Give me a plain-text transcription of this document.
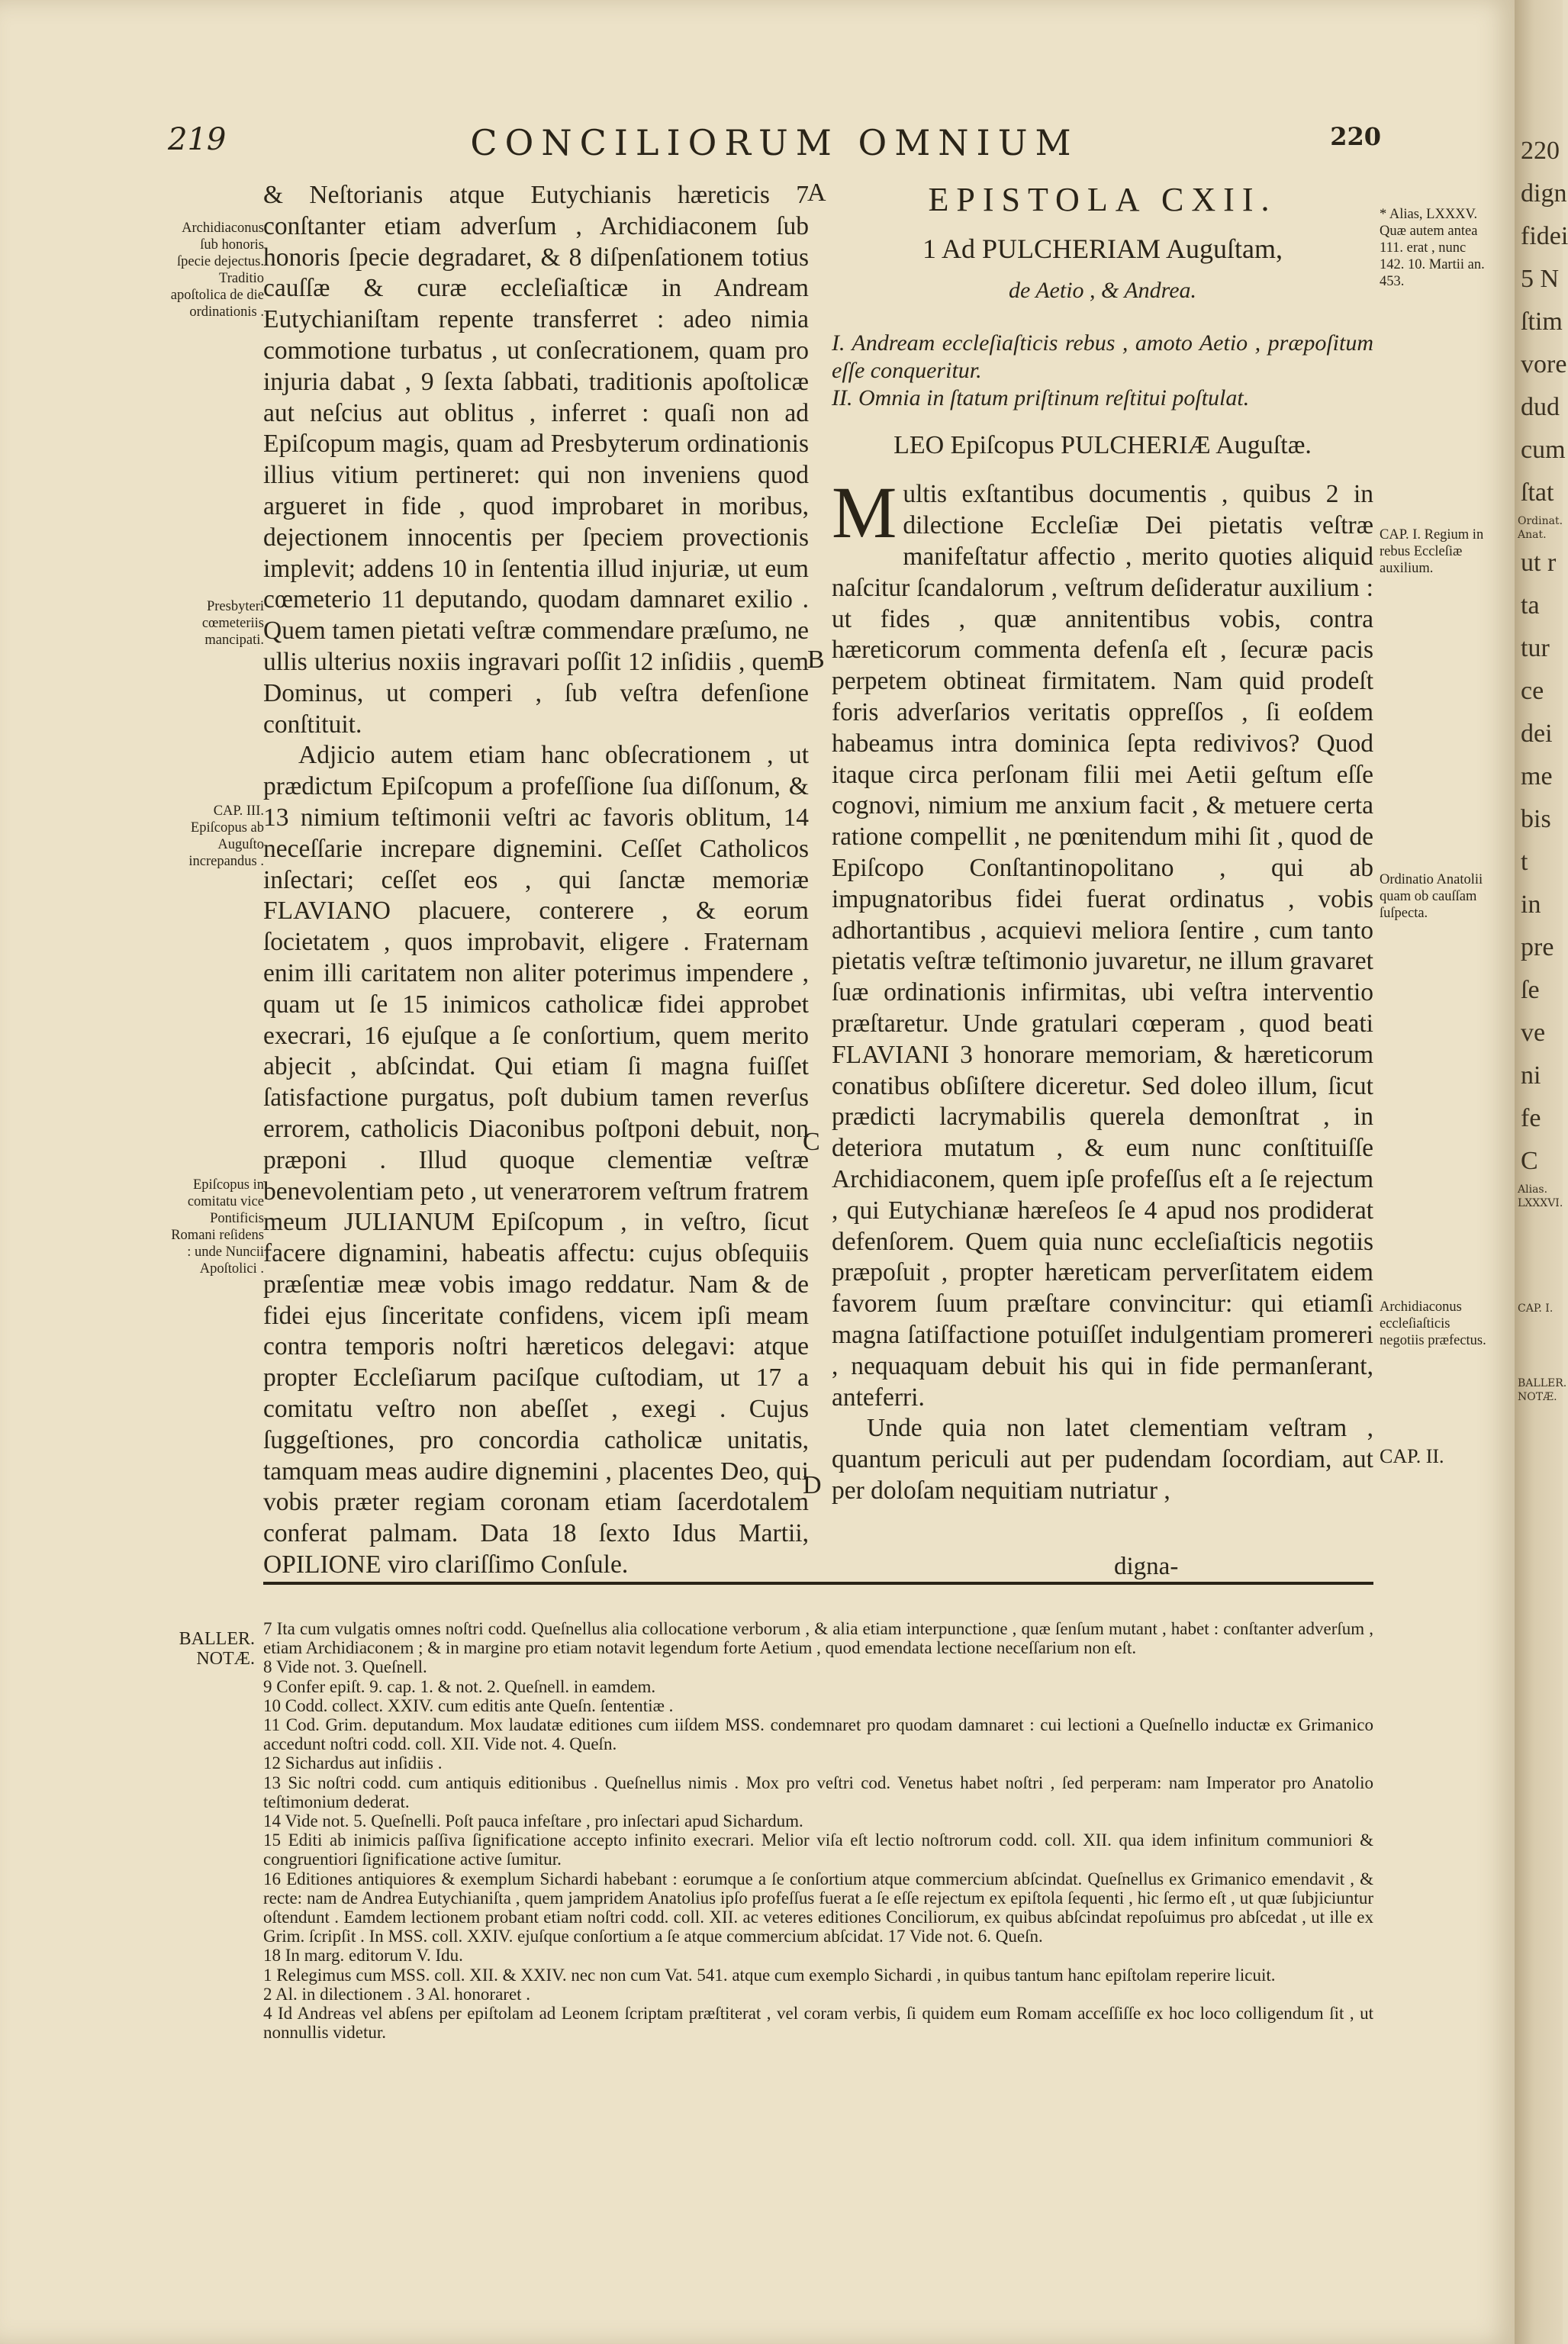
219	CONCILIORUM OMNIUM	220
Archidiaconus ſub honoris ſpecie dejectus. Traditio apoſtolica de die ordinationis .
Presbyteri cœmeteriis mancipati.
CAP. III. Epiſcopus ab Auguſto increpandus .
Epiſcopus in comitatu vice Pontificis Romani reſidens : unde Nuncii Apoſtolici .

& Neſtorianis atque Eutychianis hæreticis 7 conſtanter etiam adverſum , Archidiaconem ſub honoris ſpecie degradaret, & 8 diſpenſationem totius cauſſæ & curæ eccleſiaſticæ in Andream Eutychianiſtam repente transferret : adeo nimia commotione turbatus , ut conſecrationem, quam pro injuria dabat , 9 ſexta ſabbati, traditionis apoſtolicæ aut neſcius aut oblitus , inferret : quaſi non ad Epiſcopum magis, quam ad Presbyterum ordinationis illius vitium pertineret: qui non inveniens quod argueret in fide , quod improbaret in moribus, dejectionem innocentis per ſpeciem provectionis implevit; addens 10 in ſententia illud injuriæ, ut eum cœmeterio 11 deputando, quodam damnaret exilio . Quem tamen pietati veſtræ commendare præſumo, ne ullis ulterius noxiis ingravari poſſit 12 inſidiis , quem Dominus, ut comperi , ſub veſtra defenſione conſtituit.

Adjicio autem etiam hanc obſecrationem , ut prædictum Epiſcopum a profeſſione ſua diſſonum, & 13 nimium teſtimonii veſtri ac favoris oblitum, 14 neceſſarie increpare dignemini. Ceſſet Catholicos inſectari; ceſſet eos , qui ſanctæ memoriæ FLAVIANO placuere, conterere , & eorum ſocietatem , quos improbavit, eligere . Fraternam enim illi caritatem non aliter poterimus impendere , quam ut ſe 15 inimicos catholicæ fidei approbet execrari, 16 ejuſque a ſe conſortium, quem merito abjecit , abſcindat. Qui etiam ſi magna fuiſſet ſatisfactione purgatus, poſt dubium tamen reverſus errorem, catholicis Diaconibus poſtponi debuit, non præponi . Illud quoque clementiæ veſtræ benevolentiam peto , ut venerатorem veſtrum fratrem meum JULIANUM Epiſcopum , in veſtro, ſicut facere dignamini, habeatis affectu: cujus obſequiis præſentiæ meæ vobis imago reddatur. Nam & de fidei ejus ſinceritate confidens, vicem ipſi meam contra temporis noſtri hæreticos delegavi: atque propter Eccleſiarum paciſque cuſtodiam, ut 17 a comitatu veſtro non abeſſet , exegi . Cujus ſuggeſtiones, pro concordia catholicæ unitatis, tamquam meas audire dignemini , placentes Deo, qui vobis præter regiam coronam etiam ſacerdotalem conferat palmam. Data 18 ſexto Idus Martii, OPILIONE viro clariſſimo Conſule.

A
B
C
D
EPISTOLA CXII.
1 Ad PULCHERIAM Auguſtam,
de Aetio , & Andrea.
I. Andream eccleſiaſticis rebus , amoto Aetio , præpoſitum eſſe conqueritur.
II. Omnia in ſtatum priſtinum reſtitui poſtulat.
LEO Epiſcopus PULCHERIÆ Auguſtæ.

Multis exſtantibus documentis , quibus 2 in dilectione Eccleſiæ Dei pietatis veſtræ manifeſtatur affectio , merito quoties aliquid naſcitur ſcandalorum , veſtrum deſideratur auxilium : ut fides , quæ annitentibus vobis, contra hæreticorum commenta defenſa eſt , ſecuræ pacis perpetem obtineat firmitatem. Nam quid prodeſt foris adverſarios veritatis oppreſſos , ſi eoſdem habeamus intra dominica ſepta redivivos? Quod itaque circa perſonam filii mei Aetii geſtum eſſe cognovi, nimium me anxium facit , & metuere certa ratione compellit , ne pœnitendum mihi ſit , quod de Epiſcopo Conſtantinopolitano , qui ab impugnatoribus fidei fuerat ordinatus , vobis adhortantibus , acquievi meliora ſentire , cum tanto pietatis veſtræ teſtimonio juvaretur, ne illum gravaret ſuæ ordinationis infirmitas, ubi veſtra interventio præſtaretur. Unde gratulari cœperam , quod beati FLAVIANI 3 honorare memoriam, & hæreticorum conatibus obſiſtere diceretur. Sed doleo illum, ſicut prædicti lacrymabilis querela demonſtrat , in deteriora mutatum , & eum nunc conſtituiſſe Archidiaconem, quem ipſe profeſſus eſt a ſe rejectum , qui Eutychianæ hæreſeos ſe 4 apud nos prodiderat defenſorem. Quem quia nunc eccleſiaſticis negotiis præpoſuit , propter hæreticam perverſitatem eidem favorem ſuum præſtare convincitur: qui etiamſi magna ſatiſfactione potuiſſet indulgentiam promereri , nequaquam debuit his qui in fide permanſerant, anteferri.

Unde quia non latet clementiam veſtram , quantum periculi aut per pudendam ſocordiam, aut per doloſam nequitiam nutriatur ,

digna-
* Alias, LXXXV. Quæ autem antea 111. erat , nunc 142. 10. Martii an. 453.
CAP. I. Regium in rebus Eccleſiæ auxilium.
Ordinatio Anatolii quam ob cauſſam ſuſpecta.
Archidiaconus eccleſiaſticis negotiis præfectus.
CAP. II.
BALLER. NOTÆ.

7 Ita cum vulgatis omnes noſtri codd. Queſnellus alia collocatione verborum , & alia etiam interpunctione , quæ ſenſum mutant , habet : conſtanter adverſum , etiam Archidiaconem ; & in margine pro etiam notavit legendum forte Aetium , quod emendata lectione neceſſarium non eſt.

8 Vide not. 3. Queſnell.

9 Confer epiſt. 9. cap. 1. & not. 2. Queſnell. in eamdem.

10 Codd. collect. XXIV. cum editis ante Queſn. ſententiæ .

11 Cod. Grim. deputandum. Mox laudatæ editiones cum iiſdem MSS. condemnaret pro quodam damnaret : cui lectioni a Queſnello inductæ ex Grimanico accedunt noſtri codd. coll. XII. Vide not. 4. Queſn.

12 Sichardus aut inſidiis .

13 Sic noſtri codd. cum antiquis editionibus . Queſnellus nimis . Mox pro veſtri cod. Venetus habet noſtri , ſed perperam: nam Imperator pro Anatolio teſtimonium dederat.

14 Vide not. 5. Queſnelli. Poſt pauca infeſtare , pro inſectari apud Sichardum.

15 Editi ab inimicis paſſiva ſignificatione accepto infinito execrari. Melior viſa eſt lectio noſtrorum codd. coll. XII. qua idem infinitum communiori & congruentiori ſignificatione active ſumitur.

16 Editiones antiquiores & exemplum Sichardi habebant : eorumque a ſe conſortium atque commercium abſcindat. Queſnellus ex Grimanico emendavit , & recte: nam de Andrea Eutychianiſta , quem jampridem Anatolius ipſo profeſſus fuerat a ſe eſſe rejectum ex epiſtola ſequenti , hic ſermo eſt , ut quæ ſubjiciuntur oſtendunt . Eamdem lectionem probant etiam noſtri codd. coll. XII. ac veteres editiones Conciliorum, ex quibus abſcindat repoſuimus pro abſcedat , ut ille ex Grim. ſcripſit . In MSS. coll. XXIV. ejuſque conſortium a ſe atque commercium abſcidat. 17 Vide not. 6. Queſn.

18 In marg. editorum V. Idu.

1 Relegimus cum MSS. coll. XII. & XXIV. nec non cum Vat. 541. atque cum exemplo Sichardi , in quibus tantum hanc epiſtolam reperire licuit.

2 Al. in dilectionem . 3 Al. honoraret .

4 Id Andreas vel abſens per epiſtolam ad Leonem ſcriptam præſtiterat , vel coram verbis, ſi quidem eum Romam acceſſiſſe ex hoc loco colligendum ſit , ut nonnullis videtur.

220
dign
fidei
5 N
ſtim
vore
dud
cum
ſtat
Ordinat. Anat.
ut r
ta
tur
ce
dei
me
bis
t
in
pre
ſe
ve
ni
fe
C
Alias. LXXXVI.
CAP. I.
BALLER. NOTÆ.
